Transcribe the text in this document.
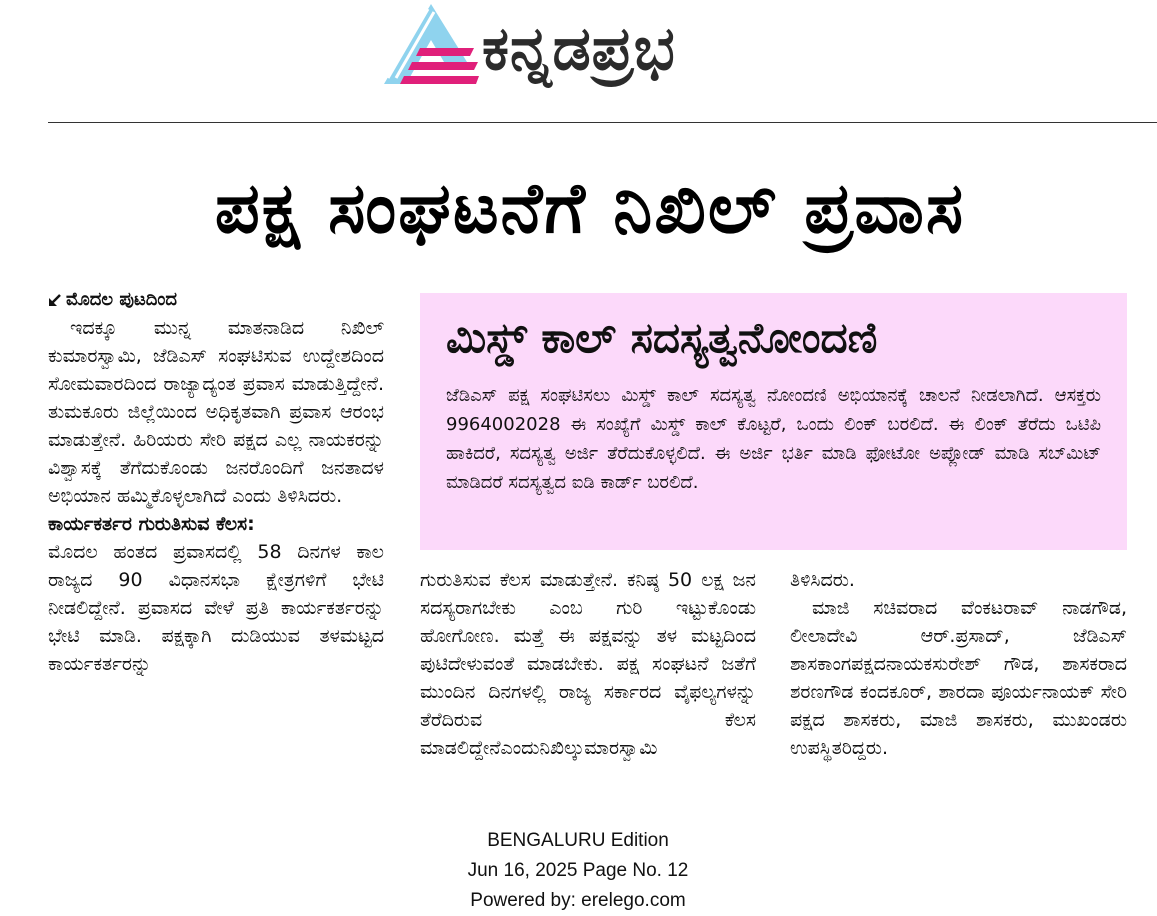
ಕನ್ನಡಪ್ರಭ
ಪಕ್ಷ ಸಂಘಟನೆಗೆ ನಿಖಿಲ್ ಪ್ರವಾಸ
ಮೊದಲ ಪುಟದಿಂದ

ಇದಕ್ಕೂ ಮುನ್ನ ಮಾತನಾಡಿದ ನಿಖಿಲ್ ಕುಮಾರಸ್ವಾಮಿ, ಜೆಡಿಎಸ್ ಸಂಘಟಿಸುವ ಉದ್ದೇಶದಿಂದ ಸೋಮವಾರದಿಂದ ರಾಜ್ಯಾದ್ಯಂತ ಪ್ರವಾಸ ಮಾಡುತ್ತಿದ್ದೇನೆ. ತುಮಕೂರು ಜಿಲ್ಲೆಯಿಂದ ಅಧಿಕೃತವಾಗಿ ಪ್ರವಾಸ ಆರಂಭ ಮಾಡುತ್ತೇನೆ. ಹಿರಿಯರು ಸೇರಿ ಪಕ್ಷದ ಎಲ್ಲ ನಾಯಕರನ್ನು ವಿಶ್ವಾಸಕ್ಕೆ ತೆಗೆದುಕೊಂಡು ಜನರೊಂದಿಗೆ ಜನತಾದಳ ಅಭಿಯಾನ ಹಮ್ಮಿಕೊಳ್ಳಲಾಗಿದೆ ಎಂದು ತಿಳಿಸಿದರು.

ಕಾರ್ಯಕರ್ತರ ಗುರುತಿಸುವ ಕೆಲಸ:

ಮೊದಲ ಹಂತದ ಪ್ರವಾಸದಲ್ಲಿ 58 ದಿನಗಳ ಕಾಲ ರಾಜ್ಯದ 90 ವಿಧಾನಸಭಾ ಕ್ಷೇತ್ರಗಳಿಗೆ ಭೇಟಿ ನೀಡಲಿದ್ದೇನೆ. ಪ್ರವಾಸದ ವೇಳೆ ಪ್ರತಿ ಕಾರ್ಯಕರ್ತರನ್ನು ಭೇಟಿ ಮಾಡಿ. ಪಕ್ಷಕ್ಕಾಗಿ ದುಡಿಯುವ ತಳಮಟ್ಟದ ಕಾರ್ಯಕರ್ತರನ್ನು

ಮಿಸ್ಡ್ ಕಾಲ್ ಸದಸ್ಯತ್ವನೋಂದಣಿ
ಜೆಡಿಎಸ್ ಪಕ್ಷ ಸಂಘಟಿಸಲು ಮಿಸ್ಡ್ ಕಾಲ್ ಸದಸ್ಯತ್ವ ನೋಂದಣಿ ಅಭಿಯಾನಕ್ಕೆ ಚಾಲನೆ ನೀಡಲಾಗಿದೆ. ಆಸಕ್ತರು 9964002028 ಈ ಸಂಖ್ಯೆಗೆ ಮಿಸ್ಡ್ ಕಾಲ್ ಕೊಟ್ಟರೆ, ಒಂದು ಲಿಂಕ್ ಬರಲಿದೆ. ಈ ಲಿಂಕ್ ತೆರೆದು ಒಟಿಪಿ ಹಾಕಿದರೆ, ಸದಸ್ಯತ್ವ ಅರ್ಜಿ ತೆರೆದುಕೊಳ್ಳಲಿದೆ. ಈ ಅರ್ಜಿ ಭರ್ತಿ ಮಾಡಿ ಫೋಟೋ ಅಪ್ಲೋಡ್ ಮಾಡಿ ಸಬ್‌ಮಿಟ್ ಮಾಡಿದರೆ ಸದಸ್ಯತ್ವದ ಐಡಿ ಕಾರ್ಡ್ ಬರಲಿದೆ.

ಗುರುತಿಸುವ ಕೆಲಸ ಮಾಡುತ್ತೇನೆ. ಕನಿಷ್ಠ 50 ಲಕ್ಷ ಜನ ಸದಸ್ಯರಾಗಬೇಕು ಎಂಬ ಗುರಿ ಇಟ್ಟುಕೊಂಡು ಹೋಗೋಣ. ಮತ್ತೆ ಈ ಪಕ್ಷವನ್ನು ತಳ ಮಟ್ಟದಿಂದ ಪುಟಿದೇಳುವಂತೆ ಮಾಡಬೇಕು. ಪಕ್ಷ ಸಂಘಟನೆ ಜತೆಗೆ ಮುಂದಿನ ದಿನಗಳಲ್ಲಿ ರಾಜ್ಯ ಸರ್ಕಾರದ ವೈಫಲ್ಯಗಳನ್ನು ತೆರೆದಿರುವ ಕೆಲಸ ಮಾಡಲಿದ್ದೇನೆಎಂದುನಿಖಿಲ್ಕುಮಾರಸ್ವಾಮಿ

ತಿಳಿಸಿದರು.

ಮಾಜಿ ಸಚಿವರಾದ ವೆಂಕಟರಾವ್ ನಾಡಗೌಡ, ಲೀಲಾದೇವಿ ಆರ್.ಪ್ರಸಾದ್, ಜೆಡಿಎಸ್ ಶಾಸಕಾಂಗಪಕ್ಷದನಾಯಕಸುರೇಶ್ ಗೌಡ, ಶಾಸಕರಾದ ಶರಣಗೌಡ ಕಂದಕೂರ್, ಶಾರದಾ ಪೂರ್ಯನಾಯಕ್ ಸೇರಿ ಪಕ್ಷದ ಶಾಸಕರು, ಮಾಜಿ ಶಾಸಕರು, ಮುಖಂಡರು ಉಪಸ್ಥಿತರಿದ್ದರು.

BENGALURU Edition
Jun 16, 2025 Page No. 12
Powered by: erelego.com
